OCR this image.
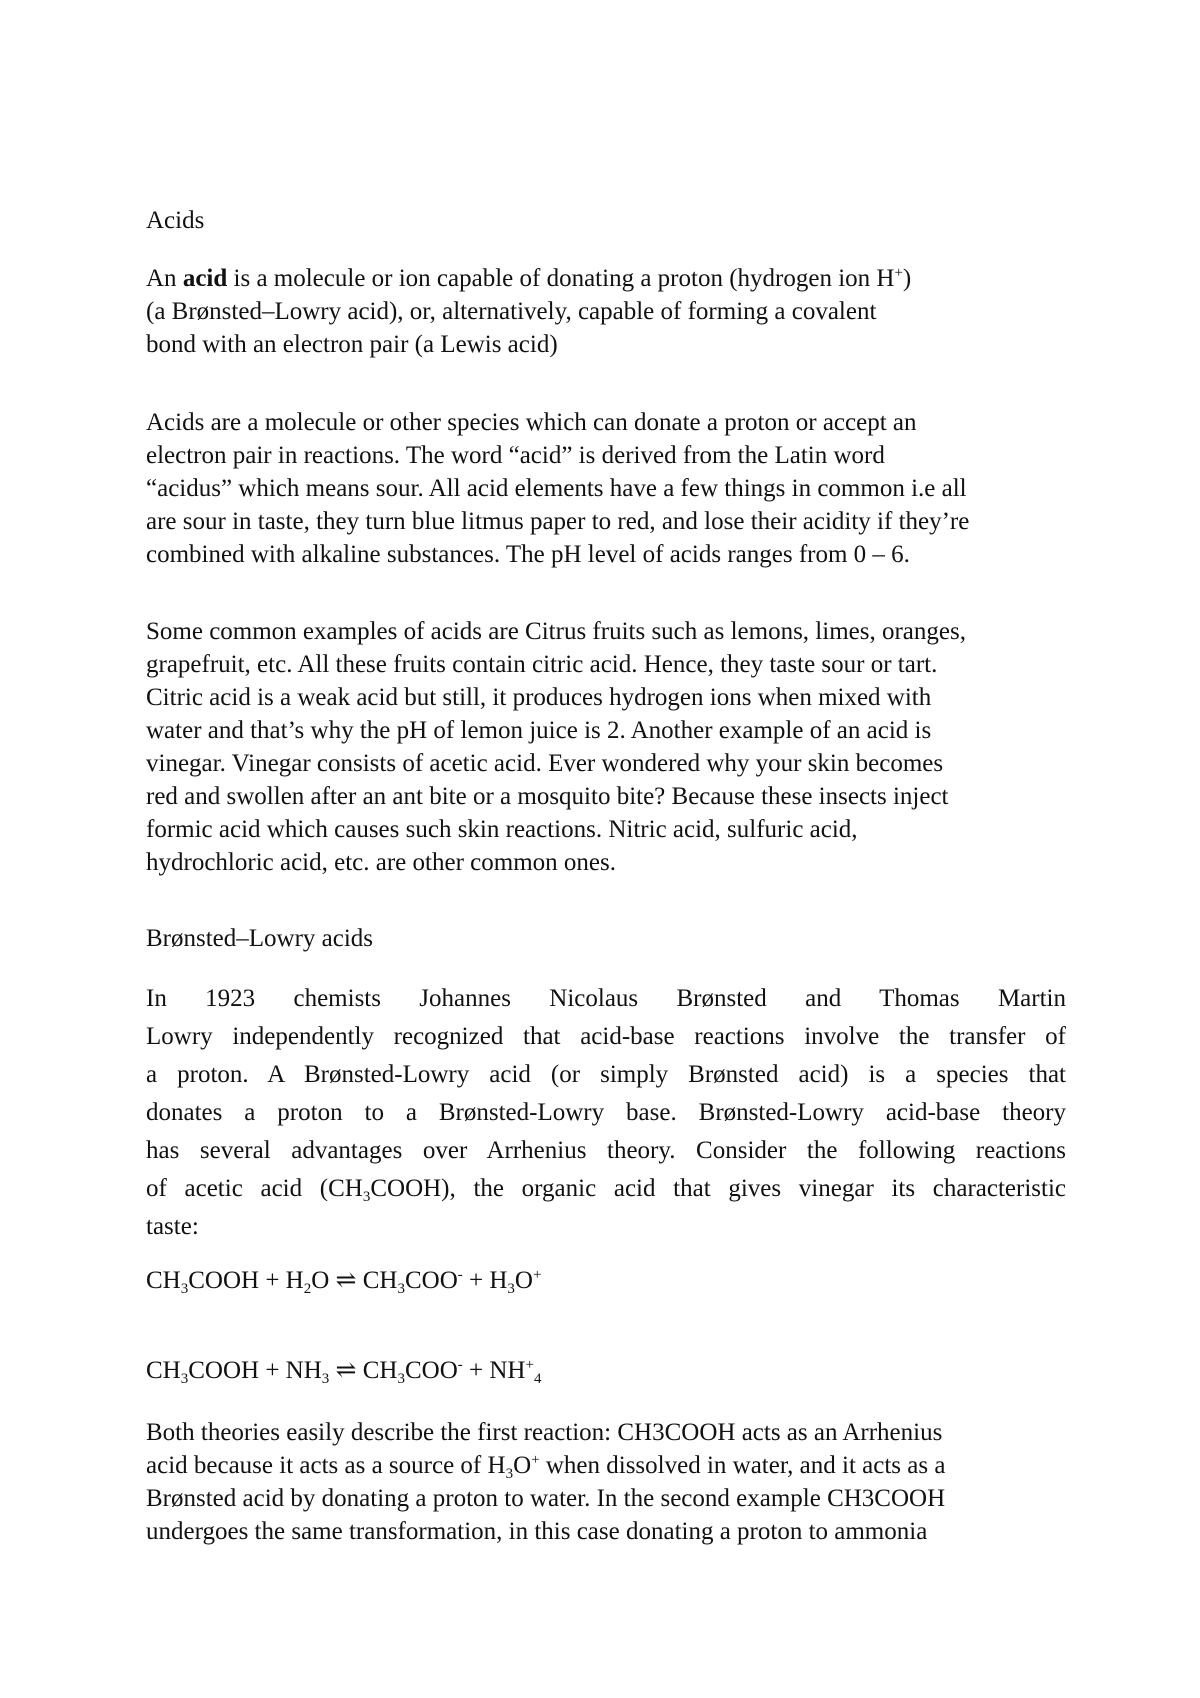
Acids
An acid is a molecule or ion capable of donating a proton (hydrogen ion H+)
(a Brønsted–Lowry acid), or, alternatively, capable of forming a covalent
bond with an electron pair (a Lewis acid)
Acids are a molecule or other species which can donate a proton or accept an
electron pair in reactions. The word “acid” is derived from the Latin word
“acidus” which means sour. All acid elements have a few things in common i.e all
are sour in taste, they turn blue litmus paper to red, and lose their acidity if they’re
combined with alkaline substances. The pH level of acids ranges from 0 – 6.
Some common examples of acids are Citrus fruits such as lemons, limes, oranges,
grapefruit, etc. All these fruits contain citric acid. Hence, they taste sour or tart.
Citric acid is a weak acid but still, it produces hydrogen ions when mixed with
water and that’s why the pH of lemon juice is 2. Another example of an acid is
vinegar. Vinegar consists of acetic acid. Ever wondered why your skin becomes
red and swollen after an ant bite or a mosquito bite? Because these insects inject
formic acid which causes such skin reactions. Nitric acid, sulfuric acid,
hydrochloric acid, etc. are other common ones.
Brønsted–Lowry acids
In 1923 chemists Johannes Nicolaus Brønsted and Thomas Martin
Lowry independently recognized that acid-base reactions involve the transfer of
a proton. A Brønsted-Lowry acid (or simply Brønsted acid) is a species that
donates a proton to a Brønsted-Lowry base. Brønsted-Lowry acid-base theory
has several advantages over Arrhenius theory. Consider the following reactions
of acetic acid $(CH_3COOH)$, the organic acid that gives vinegar its characteristic
taste:
$CH_3COOH + H_2O$ ⇌ $CH_3COO^- + H_3O^+$
$CH_3COOH + NH_3$ ⇌ $CH_3COO^- + NH^+_4$
Both theories easily describe the first reaction: CH3COOH acts as an Arrhenius
acid because it acts as a source of $H_3O^+$ when dissolved in water, and it acts as a
Brønsted acid by donating a proton to water. In the second example CH3COOH
undergoes the same transformation, in this case donating a proton to ammonia
